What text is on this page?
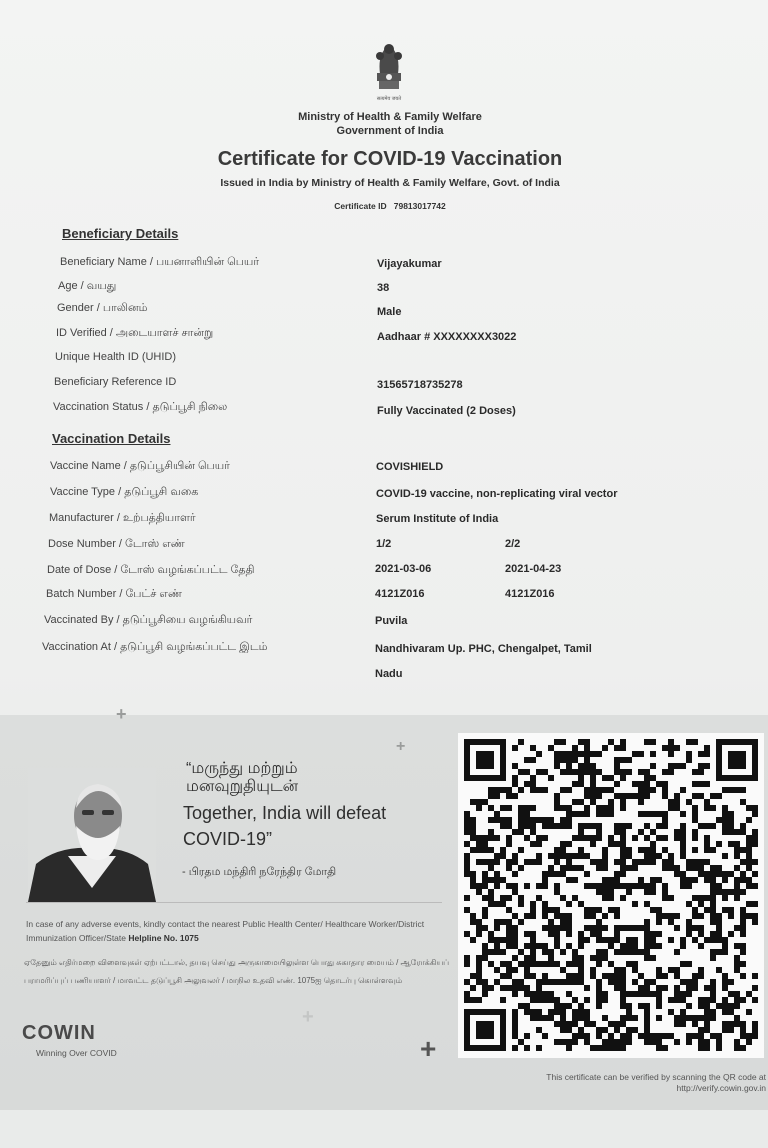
सत्यमेव जयते
Ministry of Health & Family Welfare
Government of India
Certificate for COVID-19 Vaccination
Issued in India by Ministry of Health & Family Welfare, Govt. of India
Certificate ID 79813017742
Beneficiary Details
Beneficiary Name / பயனாளியின் பெயர்	Vijayakumar
Age / வயது	38
Gender / பாலினம்	Male
ID Verified / அடையாளச் சான்று	Aadhaar # XXXXXXXX3022
Unique Health ID (UHID)
Beneficiary Reference ID	31565718735278
Vaccination Status / தடுப்பூசி நிலை	Fully Vaccinated (2 Doses)
Vaccination Details
Vaccine Name / தடுப்பூசியின் பெயர்	COVISHIELD
Vaccine Type / தடுப்பூசி வகை	COVID-19 vaccine, non-replicating viral vector
Manufacturer / உற்பத்தியாளர்	Serum Institute of India
Dose Number / டோஸ் எண்	1/2	2/2
Date of Dose / டோஸ் வழங்கப்பட்ட தேதி	2021-03-06	2021-04-23
Batch Number / பேட்ச் எண்	4121Z016	4121Z016
Vaccinated By / தடுப்பூசியை வழங்கியவர்	Puvila
Vaccination At / தடுப்பூசி வழங்கப்பட்ட இடம்	Nandhivaram Up. PHC, Chengalpet, Tamil
Nadu
+
+
+
+
“மருந்து மற்றும்
மனவுறுதியுடன்
Together, India will defeat COVID-19”
- பிரதம மந்திரி நரேந்திர மோதி
In case of any adverse events, kindly contact the nearest Public Health Center/ Healthcare Worker/District Immunization Officer/State Helpline No. 1075
ஏதேனும் எதிர்மறை விளைவுகள் ஏற்பட்டால், தயவு செய்து அருகாமையிலுள்ள பொது சுகாதார மையம் / ஆரோக்கியப் பராமரிப்புப் பணியாளர் / மாவட்ட தடுப்பூசி அலுவலர் / மாநில உதவி எண். 1075ஐ தொடர்பு கொள்ளவும்
COWIN
Winning Over COVID
This certificate can be verified by scanning the QR code at
http://verify.cowin.gov.in
